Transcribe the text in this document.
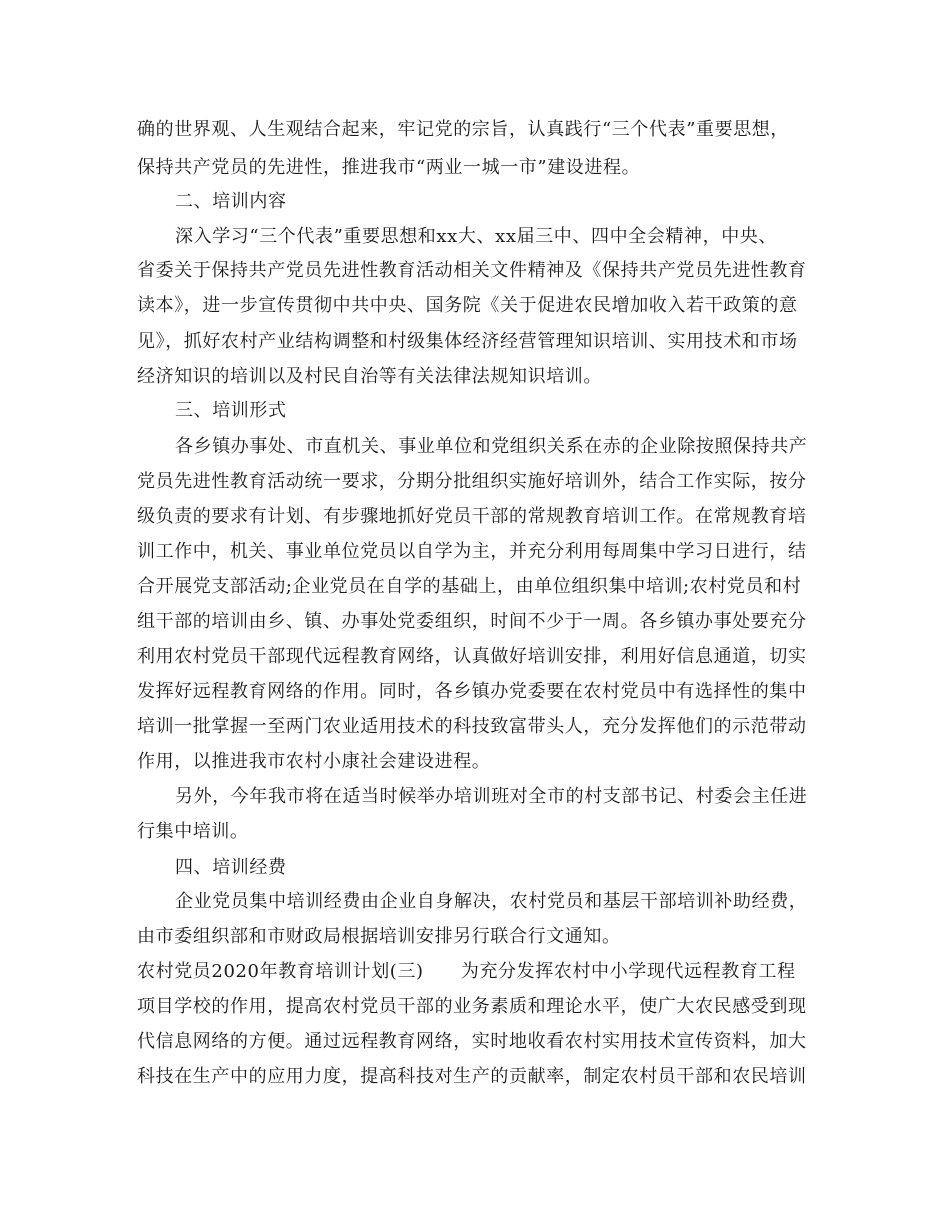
确的世界观、人生观结合起来，牢记党的宗旨，认真践行“三个代表”重要思想，
保持共产党员的先进性，推进我市“两业一城一市”建设进程。
二、培训内容
深入学习“三个代表”重要思想和xx大、xx届三中、四中全会精神，中央、
省委关于保持共产党员先进性教育活动相关文件精神及《保持共产党员先进性教育
读本》，进一步宣传贯彻中共中央、国务院《关于促进农民增加收入若干政策的意
见》，抓好农村产业结构调整和村级集体经济经营管理知识培训、实用技术和市场
经济知识的培训以及村民自治等有关法律法规知识培训。
三、培训形式
各乡镇办事处、市直机关、事业单位和党组织关系在赤的企业除按照保持共产
党员先进性教育活动统一要求，分期分批组织实施好培训外，结合工作实际，按分
级负责的要求有计划、有步骤地抓好党员干部的常规教育培训工作。在常规教育培
训工作中，机关、事业单位党员以自学为主，并充分利用每周集中学习日进行，结
合开展党支部活动;企业党员在自学的基础上，由单位组织集中培训;农村党员和村
组干部的培训由乡、镇、办事处党委组织，时间不少于一周。各乡镇办事处要充分
利用农村党员干部现代远程教育网络，认真做好培训安排，利用好信息通道，切实
发挥好远程教育网络的作用。同时，各乡镇办党委要在农村党员中有选择性的集中
培训一批掌握一至两门农业适用技术的科技致富带头人，充分发挥他们的示范带动
作用，以推进我市农村小康社会建设进程。
另外，今年我市将在适当时候举办培训班对全市的村支部书记、村委会主任进
行集中培训。
四、培训经费
企业党员集中培训经费由企业自身解决，农村党员和基层干部培训补助经费，
由市委组织部和市财政局根据培训安排另行联合行文通知。
农村党员2020年教育培训计划(三)　　为充分发挥农村中小学现代远程教育工程
项目学校的作用，提高农村党员干部的业务素质和理论水平，使广大农民感受到现
代信息网络的方便。通过远程教育网络，实时地收看农村实用技术宣传资料，加大
科技在生产中的应用力度，提高科技对生产的贡献率，制定农村员干部和农民培训
